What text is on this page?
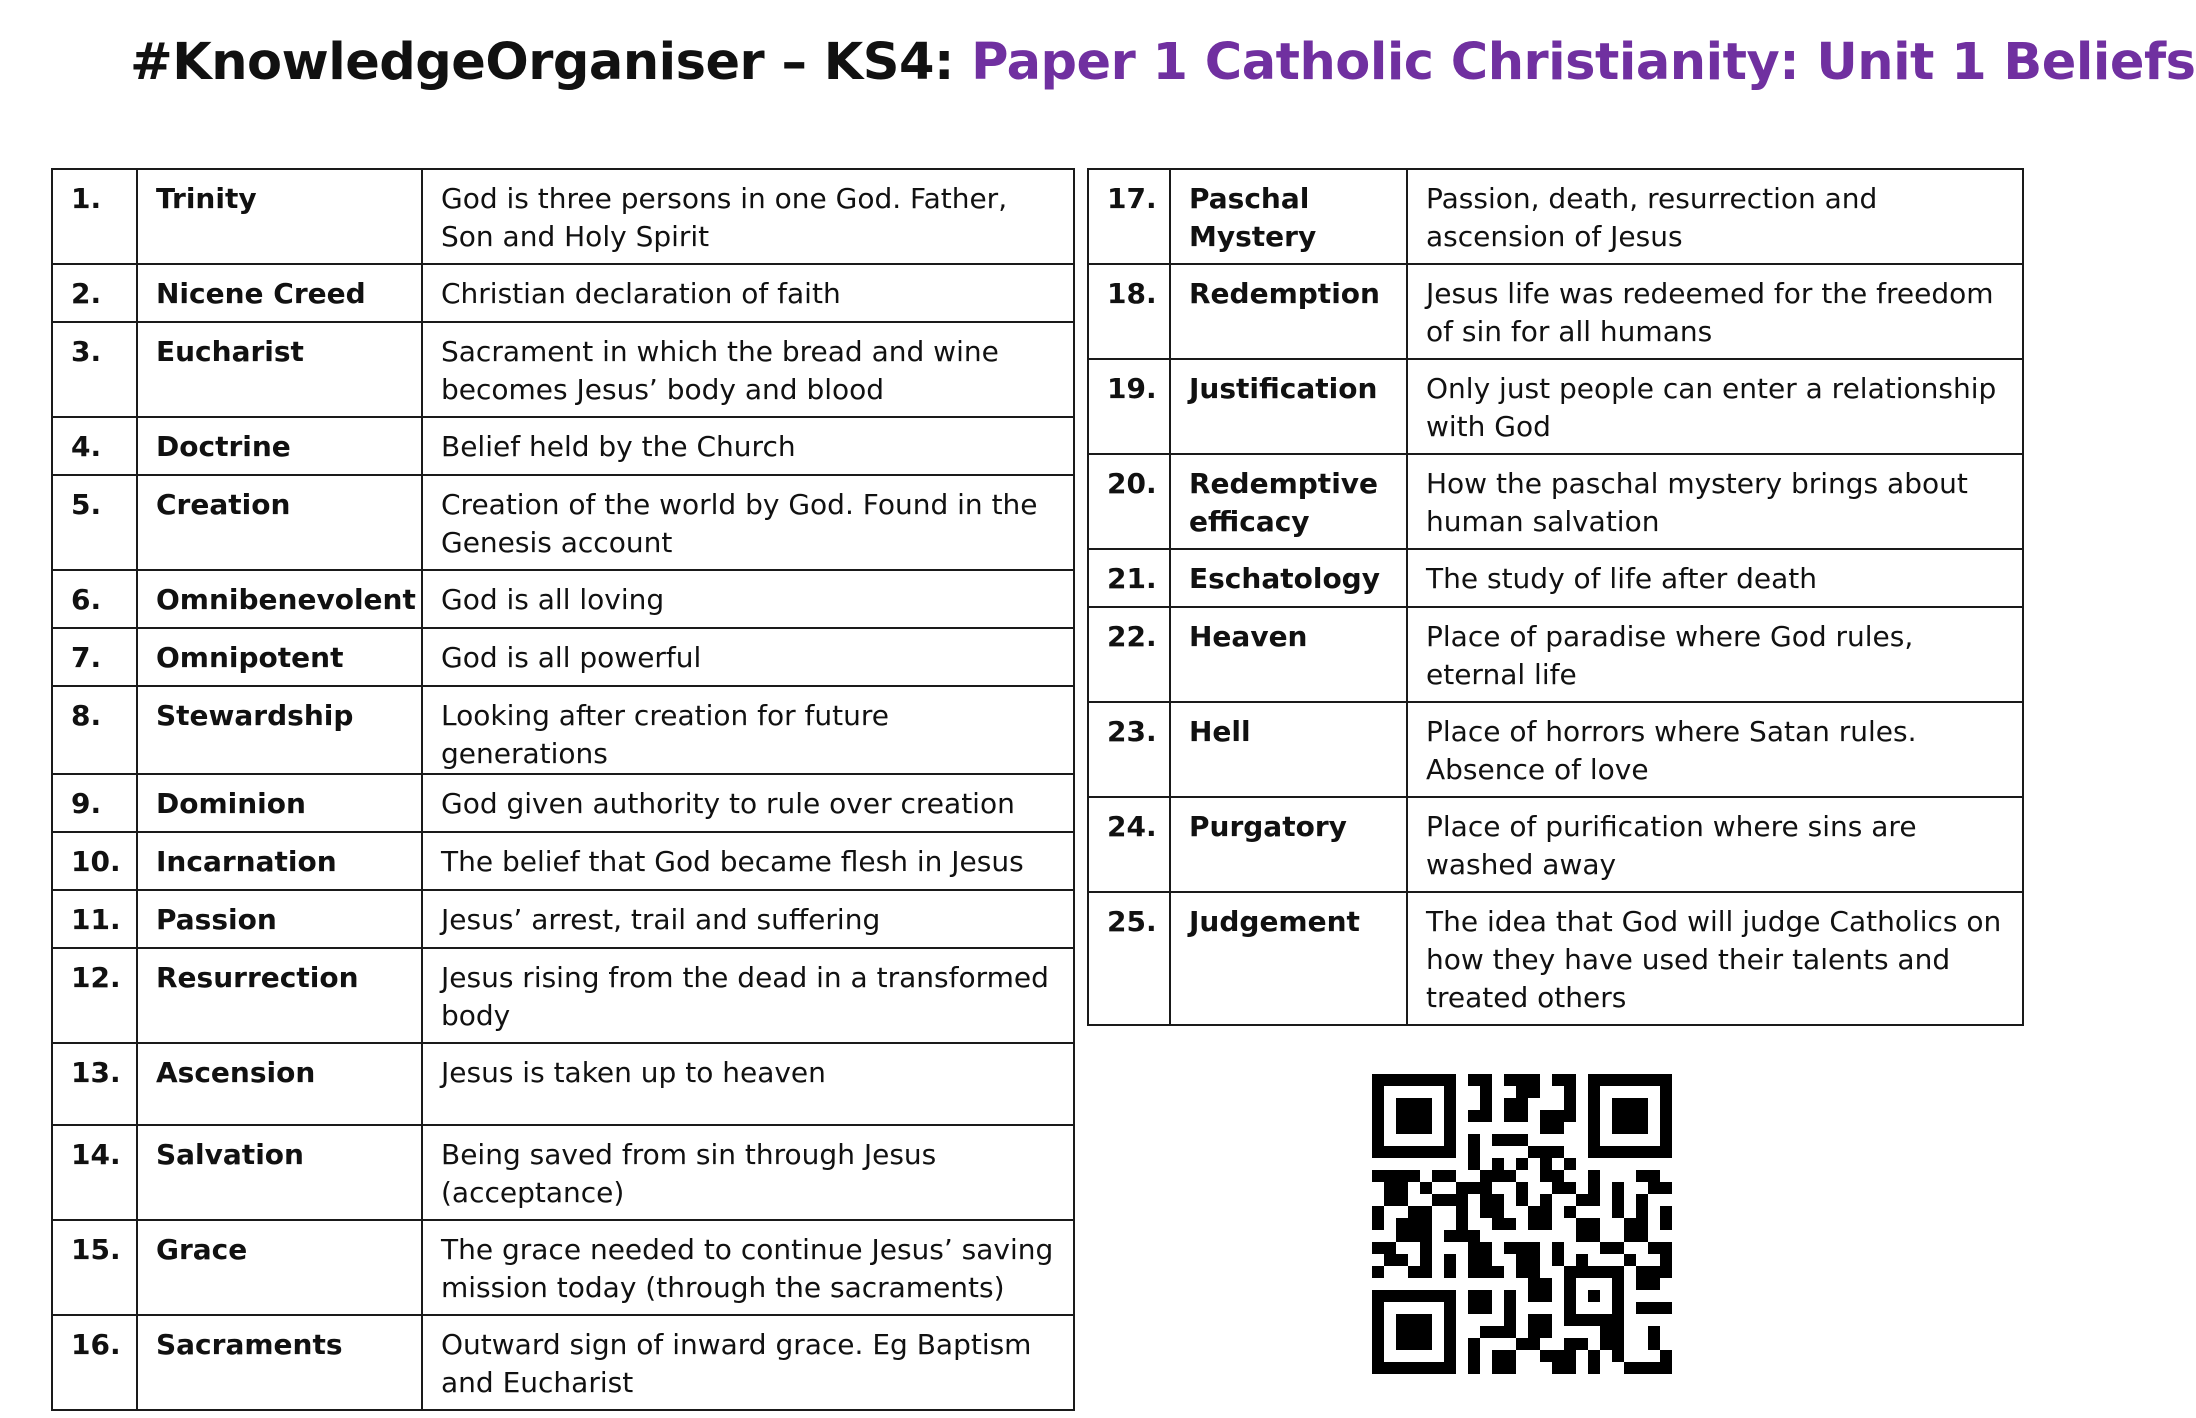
#KnowledgeOrganiser – KS4: Paper 1 Catholic Christianity: Unit 1 Beliefs
1.	Trinity	God is three persons in one God. Father, Son and Holy Spirit
2.	Nicene Creed	Christian declaration of faith
3.	Eucharist	Sacrament in which the bread and wine becomes Jesus’ body and blood
4.	Doctrine	Belief held by the Church
5.	Creation	Creation of the world by God. Found in the Genesis account
6.	Omnibenevolent	God is all loving
7.	Omnipotent	God is all powerful
8.	Stewardship	Looking after creation for future generations
9.	Dominion	God given authority to rule over creation
10.	Incarnation	The belief that God became flesh in Jesus
11.	Passion	Jesus’ arrest, trail and suffering
12.	Resurrection	Jesus rising from the dead in a transformed body
13.	Ascension	Jesus is taken up to heaven
14.	Salvation	Being saved from sin through Jesus (acceptance)
15.	Grace	The grace needed to continue Jesus’ saving mission today (through the sacraments)
16.	Sacraments	Outward sign of inward grace. Eg Baptism and Eucharist
17.	Paschal Mystery	Passion, death, resurrection and ascension of Jesus
18.	Redemption	Jesus life was redeemed for the freedom of sin for all humans
19.	Justification	Only just people can enter a relationship with God
20.	Redemptive efficacy	How the paschal mystery brings about human salvation
21.	Eschatology	The study of life after death
22.	Heaven	Place of paradise where God rules, eternal life
23.	Hell	Place of horrors where Satan rules. Absence of love
24.	Purgatory	Place of purification where sins are washed away
25.	Judgement	The idea that God will judge Catholics on how they have used their talents and treated others
